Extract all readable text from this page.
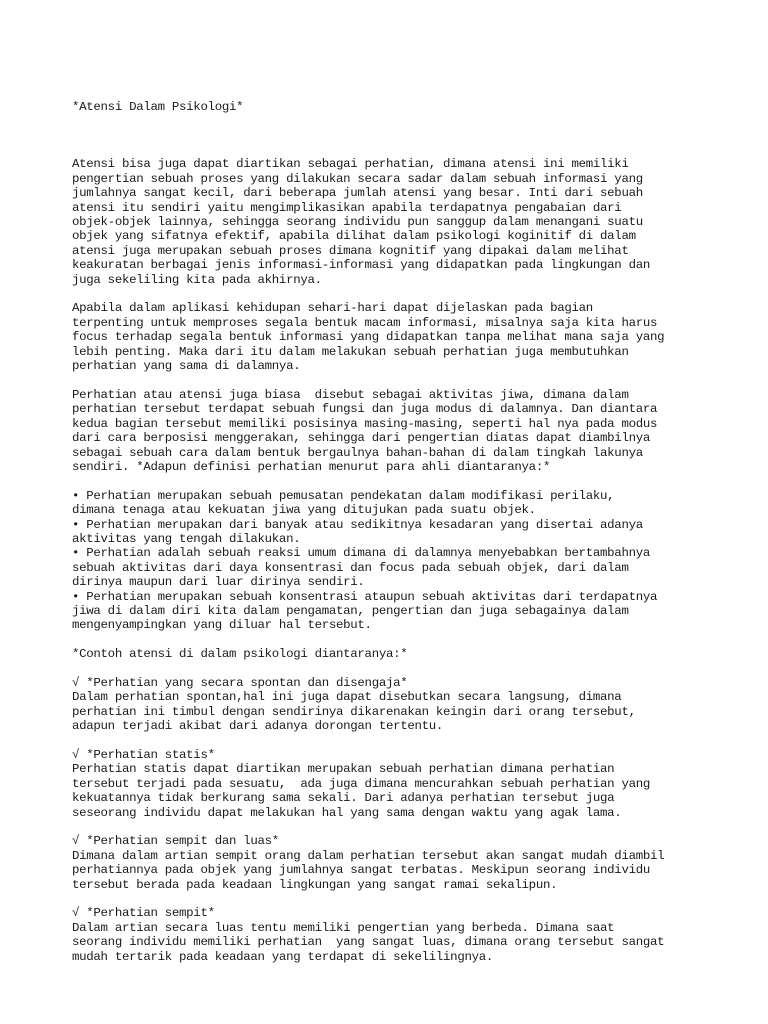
*Atensi Dalam Psikologi*

Atensi bisa juga dapat diartikan sebagai perhatian, dimana atensi ini memiliki
pengertian sebuah proses yang dilakukan secara sadar dalam sebuah informasi yang
jumlahnya sangat kecil, dari beberapa jumlah atensi yang besar. Inti dari sebuah
atensi itu sendiri yaitu mengimplikasikan apabila terdapatnya pengabaian dari
objek-objek lainnya, sehingga seorang individu pun sanggup dalam menangani suatu
objek yang sifatnya efektif, apabila dilihat dalam psikologi koginitif di dalam
atensi juga merupakan sebuah proses dimana kognitif yang dipakai dalam melihat
keakuratan berbagai jenis informasi-informasi yang didapatkan pada lingkungan dan
juga sekeliling kita pada akhirnya.
Apabila dalam aplikasi kehidupan sehari-hari dapat dijelaskan pada bagian
terpenting untuk memproses segala bentuk macam informasi, misalnya saja kita harus
focus terhadap segala bentuk informasi yang didapatkan tanpa melihat mana saja yang
lebih penting. Maka dari itu dalam melakukan sebuah perhatian juga membutuhkan
perhatian yang sama di dalamnya.
Perhatian atau atensi juga biasa  disebut sebagai aktivitas jiwa, dimana dalam
perhatian tersebut terdapat sebuah fungsi dan juga modus di dalamnya. Dan diantara
kedua bagian tersebut memiliki posisinya masing-masing, seperti hal nya pada modus
dari cara berposisi menggerakan, sehingga dari pengertian diatas dapat diambilnya
sebagai sebuah cara dalam bentuk bergaulnya bahan-bahan di dalam tingkah lakunya
sendiri. *Adapun definisi perhatian menurut para ahli diantaranya:*
• Perhatian merupakan sebuah pemusatan pendekatan dalam modifikasi perilaku,
dimana tenaga atau kekuatan jiwa yang ditujukan pada suatu objek.
• Perhatian merupakan dari banyak atau sedikitnya kesadaran yang disertai adanya
aktivitas yang tengah dilakukan.
• Perhatian adalah sebuah reaksi umum dimana di dalamnya menyebabkan bertambahnya
sebuah aktivitas dari daya konsentrasi dan focus pada sebuah objek, dari dalam
dirinya maupun dari luar dirinya sendiri.
• Perhatian merupakan sebuah konsentrasi ataupun sebuah aktivitas dari terdapatnya
jiwa di dalam diri kita dalam pengamatan, pengertian dan juga sebagainya dalam
mengenyampingkan yang diluar hal tersebut.
*Contoh atensi di dalam psikologi diantaranya:*
√ *Perhatian yang secara spontan dan disengaja*
Dalam perhatian spontan,hal ini juga dapat disebutkan secara langsung, dimana
perhatian ini timbul dengan sendirinya dikarenakan keingin dari orang tersebut,
adapun terjadi akibat dari adanya dorongan tertentu.
√ *Perhatian statis*
Perhatian statis dapat diartikan merupakan sebuah perhatian dimana perhatian
tersebut terjadi pada sesuatu,  ada juga dimana mencurahkan sebuah perhatian yang
kekuatannya tidak berkurang sama sekali. Dari adanya perhatian tersebut juga
seseorang individu dapat melakukan hal yang sama dengan waktu yang agak lama.
√ *Perhatian sempit dan luas*
Dimana dalam artian sempit orang dalam perhatian tersebut akan sangat mudah diambil
perhatiannya pada objek yang jumlahnya sangat terbatas. Meskipun seorang individu
tersebut berada pada keadaan lingkungan yang sangat ramai sekalipun.
√ *Perhatian sempit*
Dalam artian secara luas tentu memiliki pengertian yang berbeda. Dimana saat
seorang individu memiliki perhatian  yang sangat luas, dimana orang tersebut sangat
mudah tertarik pada keadaan yang terdapat di sekelilingnya.
